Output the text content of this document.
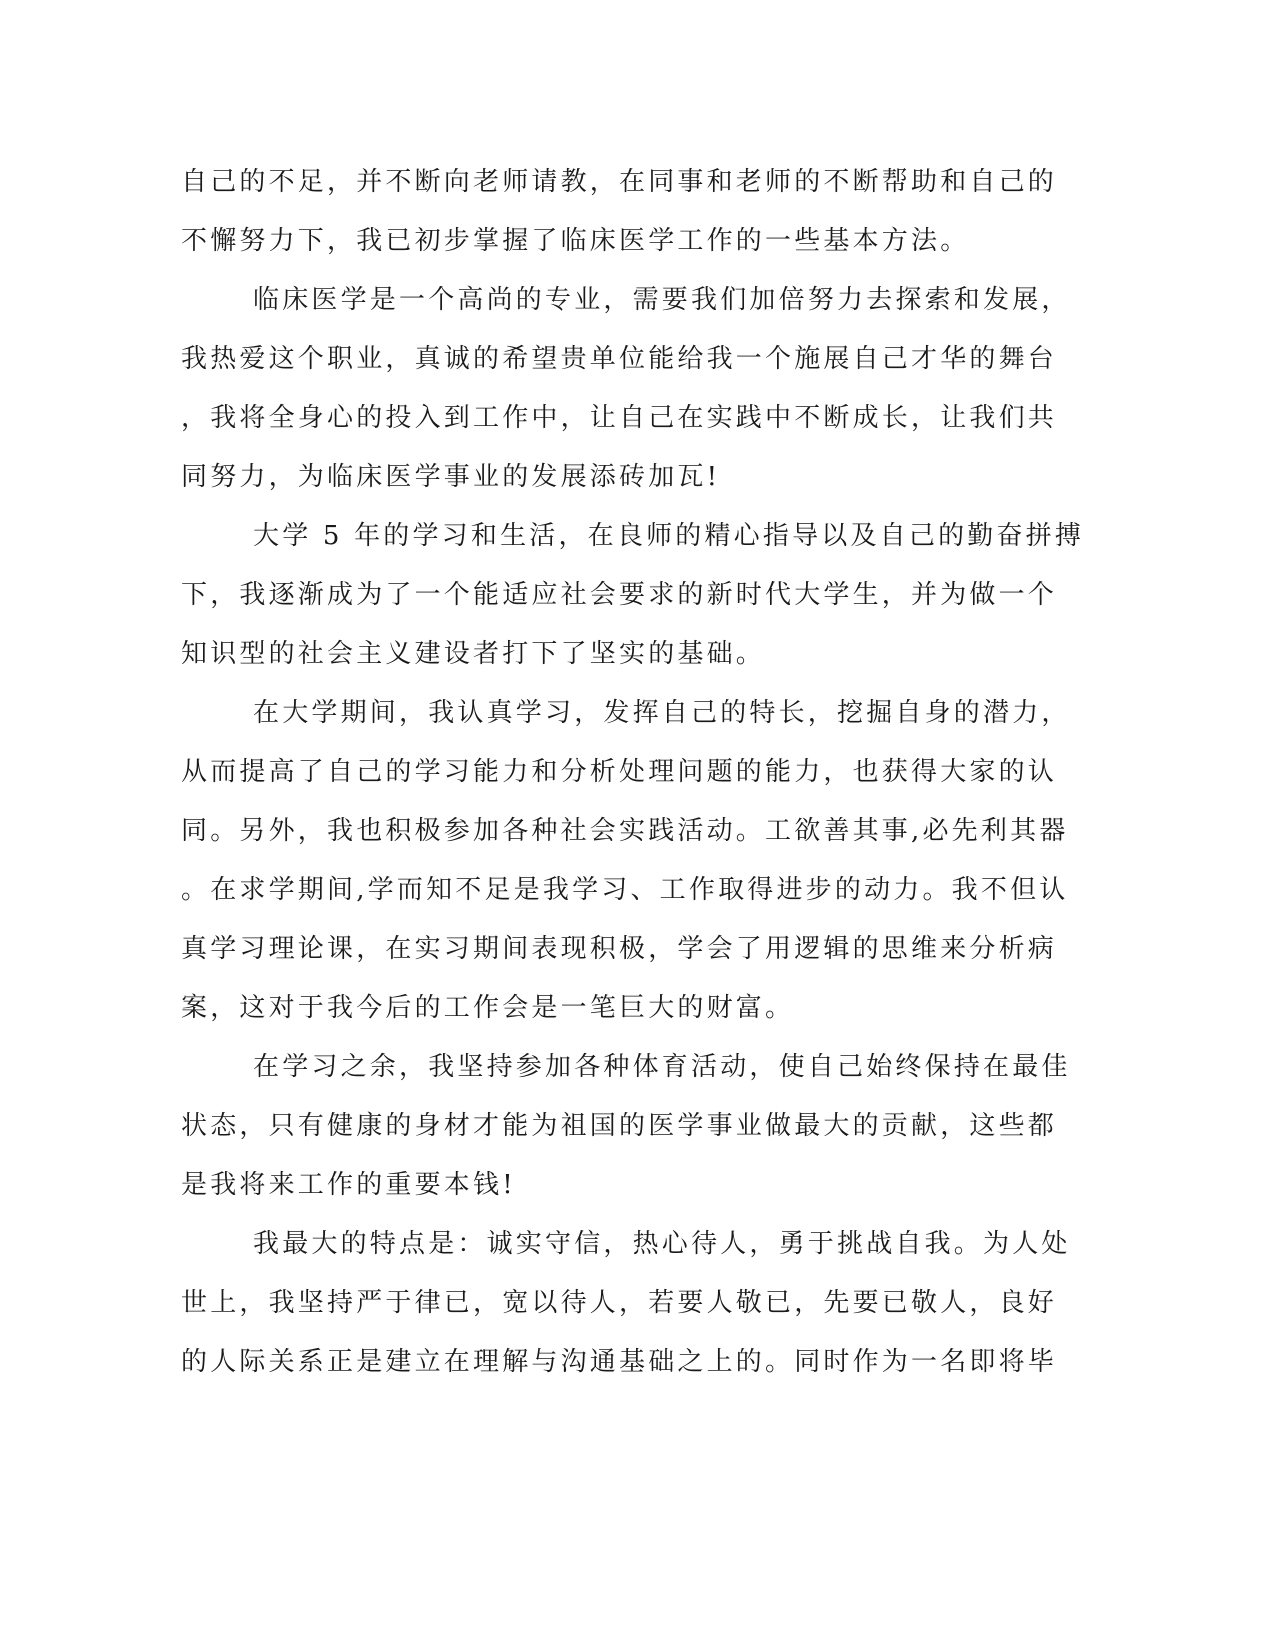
自己的不足，并不断向老师请教，在同事和老师的不断帮助和自己的
不懈努力下，我已初步掌握了临床医学工作的一些基本方法。
临床医学是一个高尚的专业，需要我们加倍努力去探索和发展，
我热爱这个职业，真诚的希望贵单位能给我一个施展自己才华的舞台
，我将全身心的投入到工作中，让自己在实践中不断成长，让我们共
同努力，为临床医学事业的发展添砖加瓦!
大学 5 年的学习和生活，在良师的精心指导以及自己的勤奋拼搏
下，我逐渐成为了一个能适应社会要求的新时代大学生，并为做一个
知识型的社会主义建设者打下了坚实的基础。
在大学期间，我认真学习，发挥自己的特长，挖掘自身的潜力，
从而提高了自己的学习能力和分析处理问题的能力，也获得大家的认
同。另外，我也积极参加各种社会实践活动。工欲善其事,必先利其器
。在求学期间,学而知不足是我学习、工作取得进步的动力。我不但认
真学习理论课，在实习期间表现积极，学会了用逻辑的思维来分析病
案，这对于我今后的工作会是一笔巨大的财富。
在学习之余，我坚持参加各种体育活动，使自己始终保持在最佳
状态，只有健康的身材才能为祖国的医学事业做最大的贡献，这些都
是我将来工作的重要本钱!
我最大的特点是：诚实守信，热心待人，勇于挑战自我。为人处
世上，我坚持严于律已，宽以待人，若要人敬已，先要已敬人，良好
的人际关系正是建立在理解与沟通基础之上的。同时作为一名即将毕
